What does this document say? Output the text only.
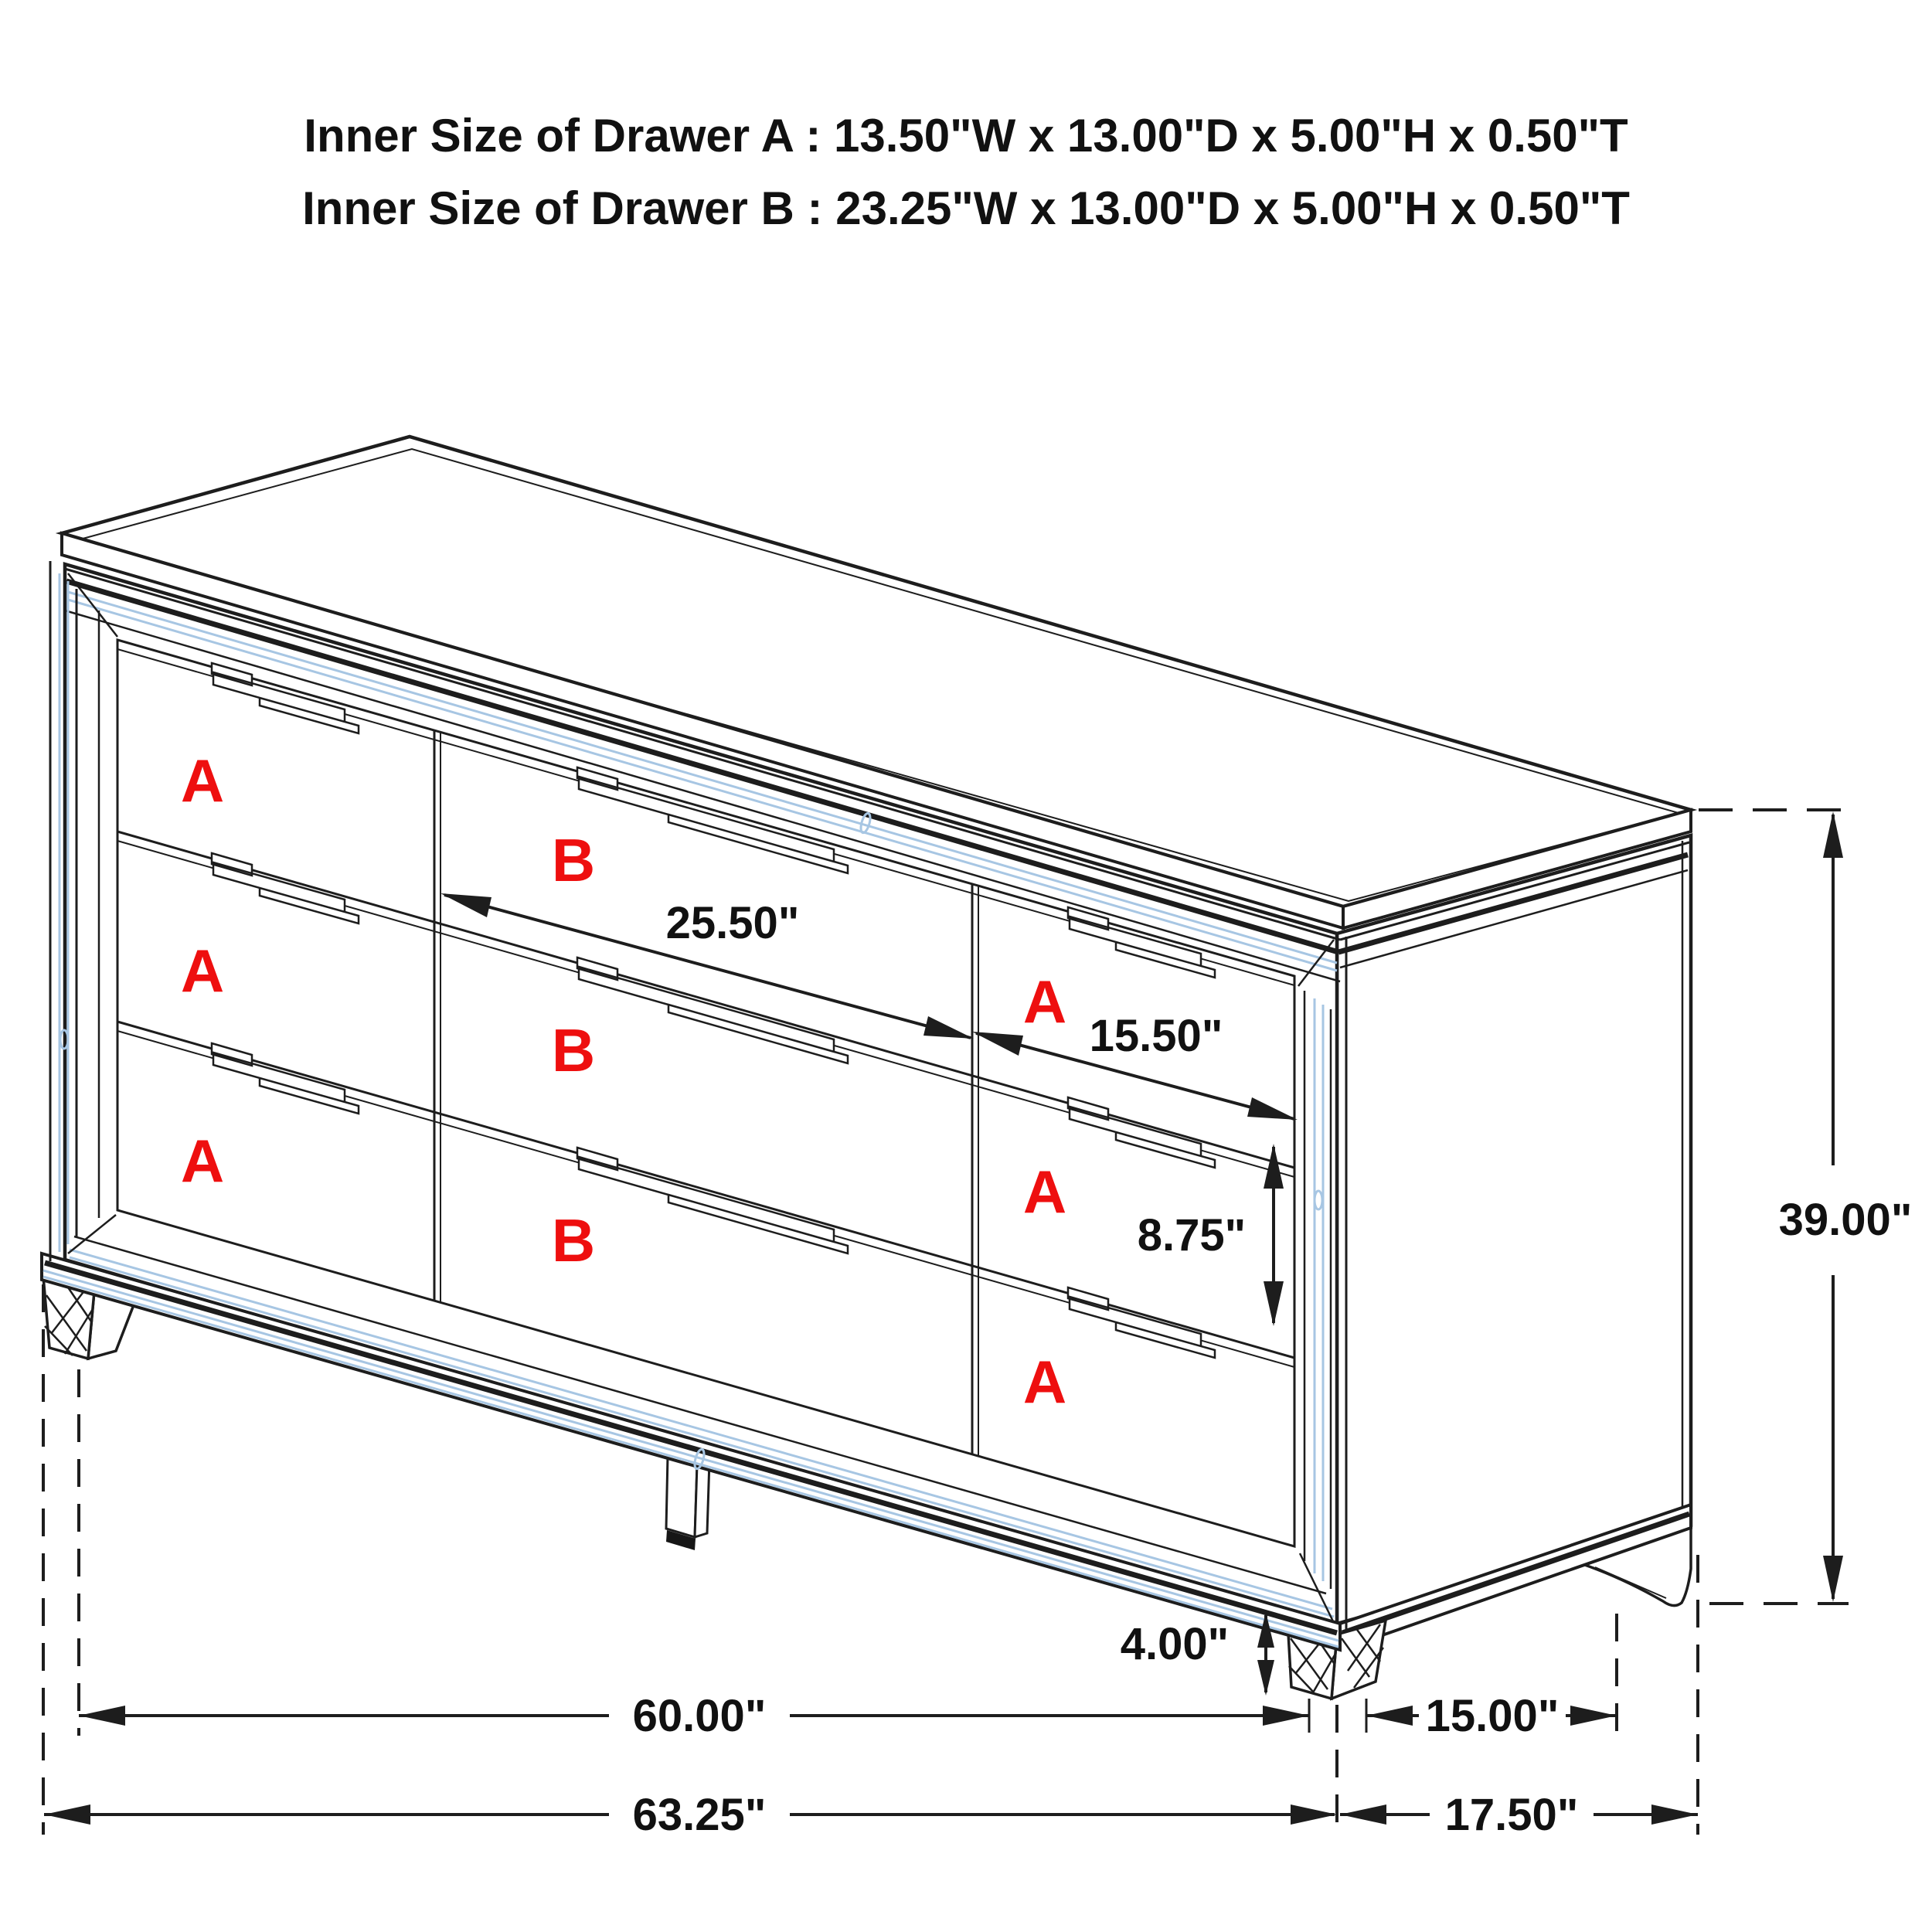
Inner Size of Drawer A : 13.50"W x 13.00"D x 5.00"H x 0.50"T
Inner Size of Drawer B : 23.25"W x 13.00"D x 5.00"H x 0.50"T
A
A
A
B
B
B
A
A
A
25.50"
15.50"
8.75"	39.00"
4.00"
60.00"	15.00"
63.25"	17.50"
